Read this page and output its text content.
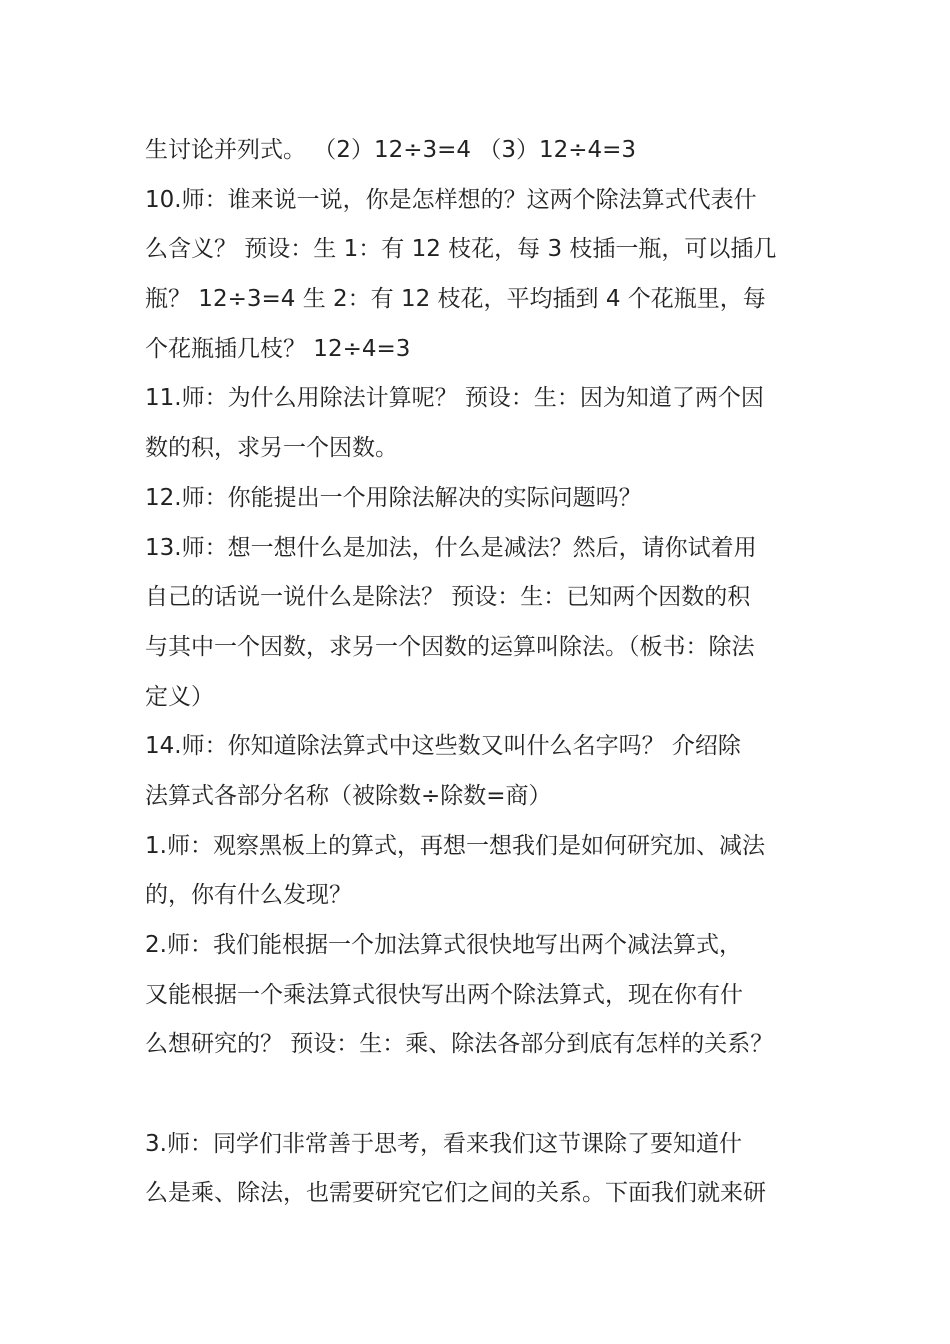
生讨论并列式。 （2）12÷3=4 （3）12÷4=3
10.师：谁来说一说，你是怎样想的？这两个除法算式代表什
么含义？ 预设：生 1：有 12 枝花，每 3 枝插一瓶，可以插几
瓶？ 12÷3=4 生 2：有 12 枝花，平均插到 4 个花瓶里，每
个花瓶插几枝？ 12÷4=3
11.师：为什么用除法计算呢？ 预设：生：因为知道了两个因
数的积，求另一个因数。
12.师：你能提出一个用除法解决的实际问题吗？
13.师：想一想什么是加法，什么是减法？然后，请你试着用
自己的话说一说什么是除法？ 预设：生：已知两个因数的积
与其中一个因数，求另一个因数的运算叫除法。（板书：除法
定义）
14.师：你知道除法算式中这些数又叫什么名字吗？ 介绍除
法算式各部分名称（被除数÷除数=商）
1.师：观察黑板上的算式，再想一想我们是如何研究加、减法
的，你有什么发现？
2.师：我们能根据一个加法算式很快地写出两个减法算式，
又能根据一个乘法算式很快写出两个除法算式，现在你有什
么想研究的？ 预设：生：乘、除法各部分到底有怎样的关系？
3.师：同学们非常善于思考，看来我们这节课除了要知道什
么是乘、除法，也需要研究它们之间的关系。下面我们就来研
